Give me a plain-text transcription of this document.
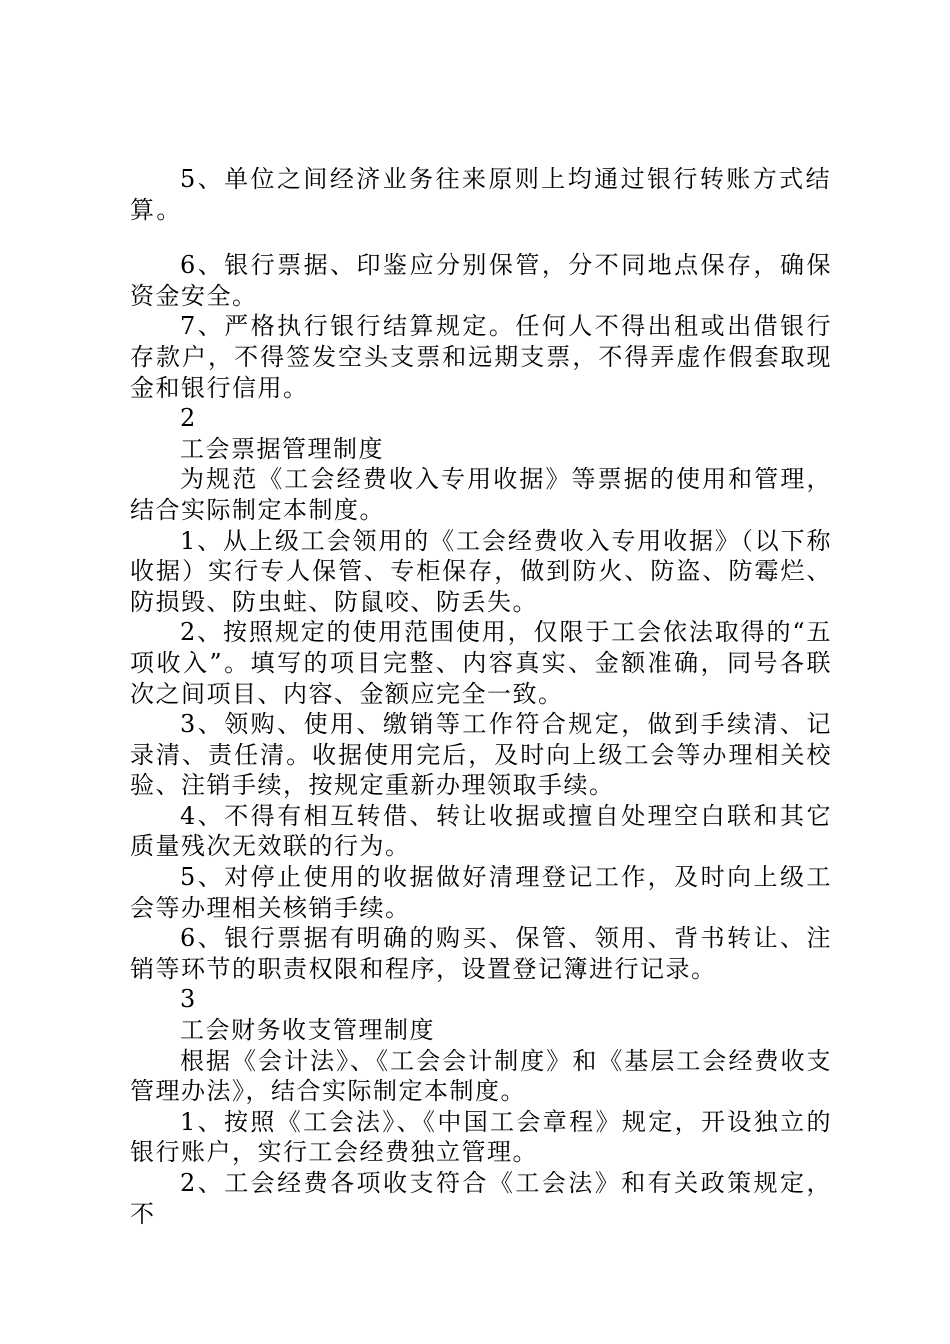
5、单位之间经济业务往来原则上均通过银行转账方式结算。

6、银行票据、印鉴应分别保管，分不同地点保存，确保资金安全。

7、严格执行银行结算规定。任何人不得出租或出借银行存款户，不得签发空头支票和远期支票，不得弄虚作假套取现金和银行信用。

2

工会票据管理制度

为规范《工会经费收入专用收据》等票据的使用和管理，结合实际制定本制度。

1、从上级工会领用的《工会经费收入专用收据》（以下称收据）实行专人保管、专柜保存，做到防火、防盗、防霉烂、防损毁、防虫蛀、防鼠咬、防丢失。

2、按照规定的使用范围使用，仅限于工会依法取得的“五项收入”。填写的项目完整、内容真实、金额准确，同号各联次之间项目、内容、金额应完全一致。

3、领购、使用、缴销等工作符合规定，做到手续清、记录清、责任清。收据使用完后，及时向上级工会等办理相关校验、注销手续，按规定重新办理领取手续。

4、不得有相互转借、转让收据或擅自处理空白联和其它质量残次无效联的行为。

5、对停止使用的收据做好清理登记工作，及时向上级工会等办理相关核销手续。

6、银行票据有明确的购买、保管、领用、背书转让、注销等环节的职责权限和程序，设置登记簿进行记录。

3

工会财务收支管理制度

根据《会计法》、《工会会计制度》和《基层工会经费收支管理办法》，结合实际制定本制度。

1、按照《工会法》、《中国工会章程》规定，开设独立的银行账户，实行工会经费独立管理。

2、工会经费各项收支符合《工会法》和有关政策规定，不
